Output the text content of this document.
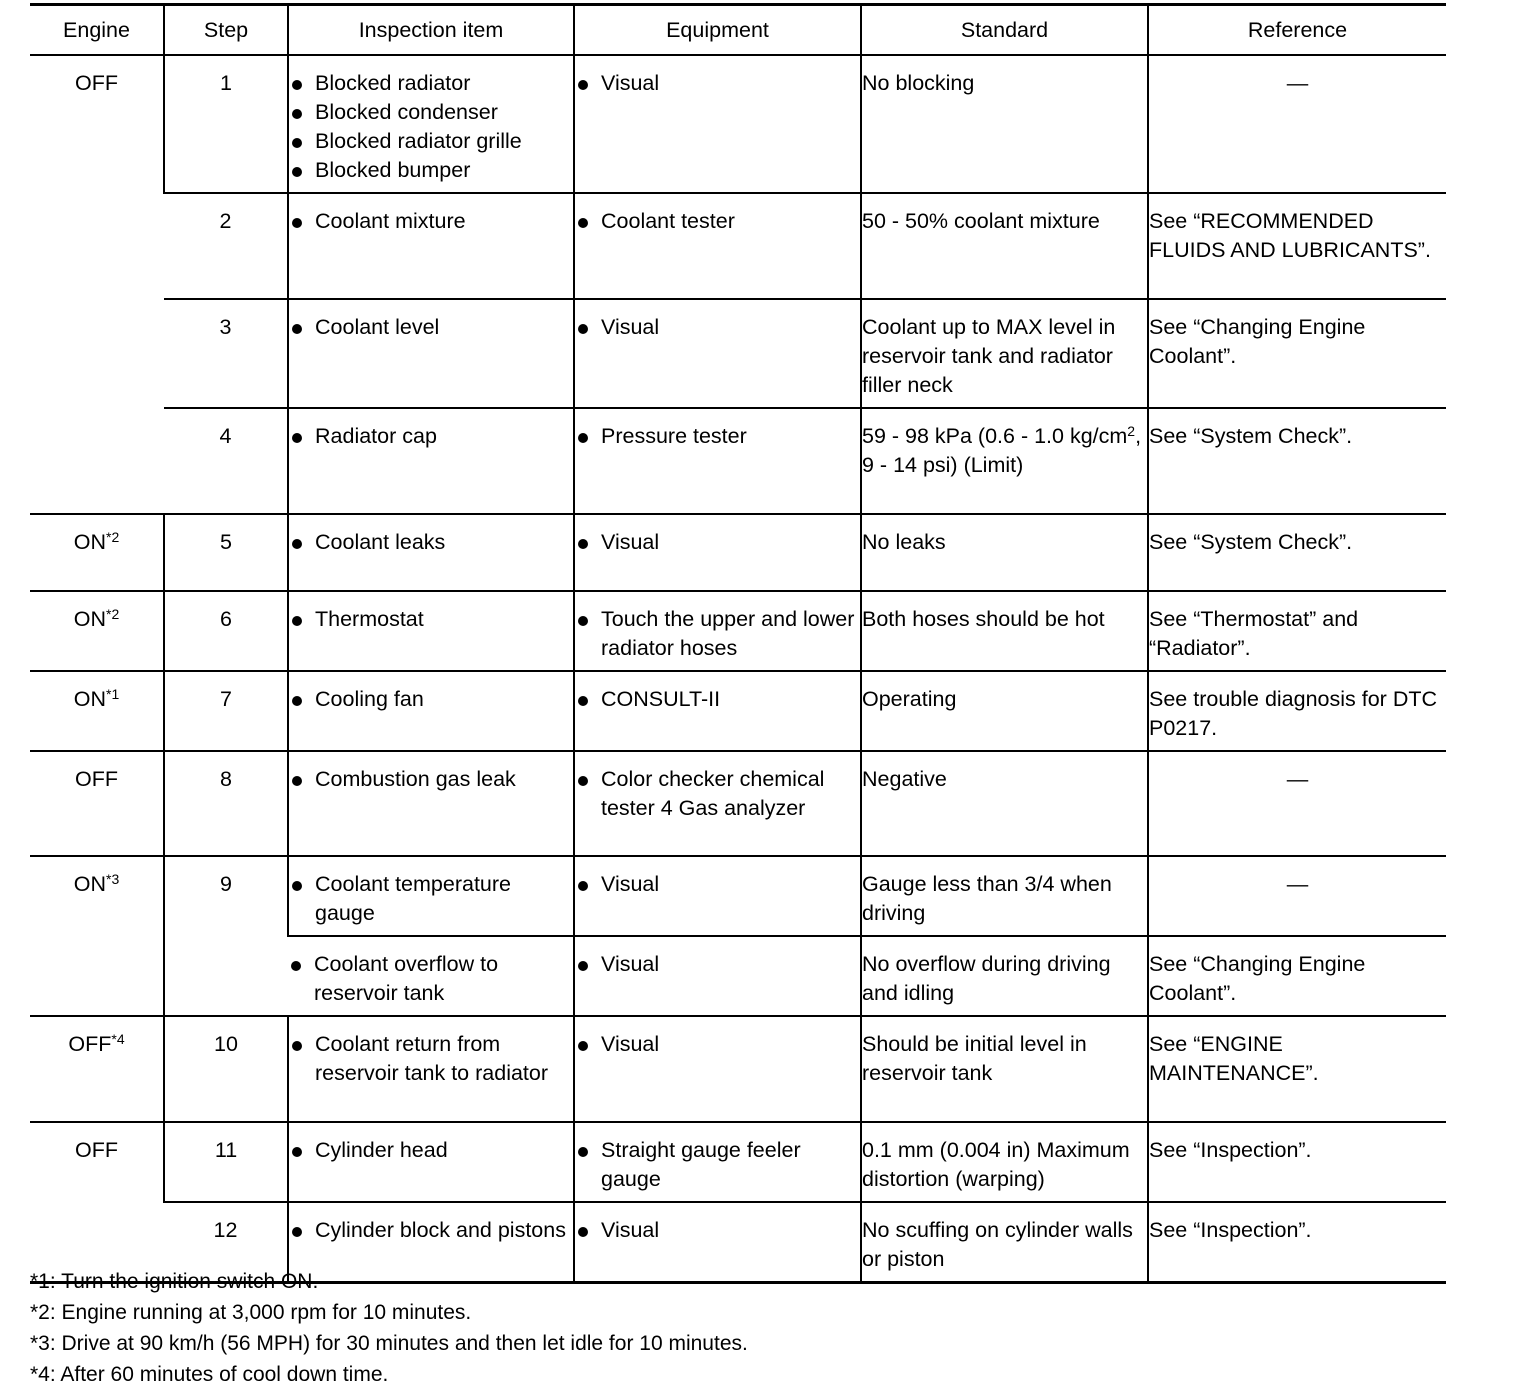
Engine	Step	Inspection item	Equipment	Standard	Reference
OFF	1	Blocked radiator
Blocked condenser
Blocked radiator grille
Blocked bumper	Visual	No blocking	—
	2	Coolant mixture	Coolant tester	50 - 50% coolant mixture	See “RECOMMENDED FLUIDS AND LUBRICANTS”.
	3	Coolant level	Visual	Coolant up to MAX level in reservoir tank and radiator filler neck	See “Changing Engine Coolant”.
	4	Radiator cap	Pressure tester	59 - 98 kPa (0.6 - 1.0 $kg/cm^2$, 9 - 14 psi) (Limit)	See “System Check”.
ON$^{*2}$	5	Coolant leaks	Visual	No leaks	See “System Check”.
ON$^{*2}$	6	Thermostat	Touch the upper and lower radiator hoses	Both hoses should be hot	See “Thermostat” and “Radiator”.
ON$^{*1}$	7	Cooling fan	CONSULT-II	Operating	See trouble diagnosis for DTC P0217.
OFF	8	Combustion gas leak	Color checker chemical tester 4 Gas analyzer	Negative	—
ON$^{*3}$	9	Coolant temperature gauge	Visual	Gauge less than 3/4 when driving	—

		Coolant overflow to reservoir tank	Visual	No overflow during driving and idling	See “Changing Engine Coolant”.
OFF$^{*4}$	10	Coolant return from reservoir tank to radiator	Visual	Should be initial level in reservoir tank	See “ENGINE MAINTENANCE”.
OFF	11	Cylinder head	Straight gauge feeler gauge	0.1 mm (0.004 in) Maximum distortion (warping)	See “Inspection”.
	12	Cylinder block and pistons	Visual	No scuffing on cylinder walls or piston	See “Inspection”.
*1: Turn the ignition switch ON.
*2: Engine running at 3,000 rpm for 10 minutes.
*3: Drive at 90 km/h (56 MPH) for 30 minutes and then let idle for 10 minutes.
*4: After 60 minutes of cool down time.
